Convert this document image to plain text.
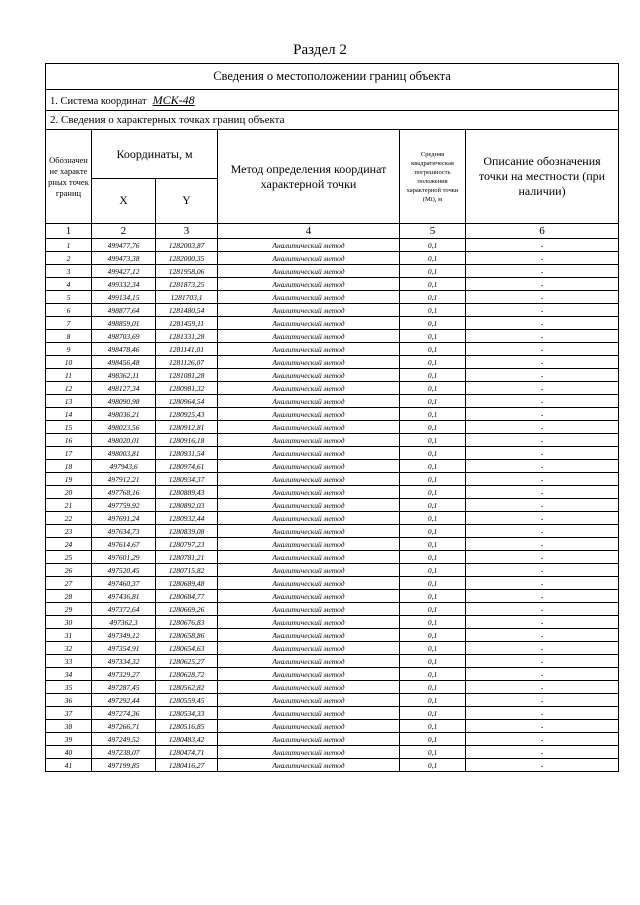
Раздел 2
Сведения о местоположении границ объекта					
1. Система координат МСК-48					
2. Сведения о характерных точках границ объекта					

Обозначение характерных точек границ	Координаты, м		Метод определения координат характерной точки	Средняя квадратическая погрешность положения характерной точки (Mt), м	Описание обозначения точки на местности (при наличии)

	X	Y			
1	2	3	4	5	6
1	499477,76	1282003,87	Аналитический метод	0,1	-
2	499473,38	1282000,35	Аналитический метод	0,1	-
3	499427,12	1281958,06	Аналитический метод	0,1	-
4	499332,34	1281873,25	Аналитический метод	0,1	-
5	499134,15	1281703,1	Аналитический метод	0,1	-
6	498877,64	1281480,54	Аналитический метод	0,1	-
7	498859,01	1281459,11	Аналитический метод	0,1	-
8	498703,69	1281331,28	Аналитический метод	0,1	-
9	498478,46	1281141,01	Аналитический метод	0,1	-
10	498456,48	1281126,07	Аналитический метод	0,1	-
11	498362,11	1281081,28	Аналитический метод	0,1	-
12	498127,34	1280981,32	Аналитический метод	0,1	-
13	498090,98	1280964,54	Аналитический метод	0,1	-
14	498036,21	1280925,43	Аналитический метод	0,1	-
15	498023,56	1280912,81	Аналитический метод	0,1	-
16	498020,01	1280916,18	Аналитический метод	0,1	-
17	498003,81	1280931,54	Аналитический метод	0,1	-
18	497943,6	1280974,61	Аналитический метод	0,1	-
19	497912,21	1280934,37	Аналитический метод	0,1	-
20	497768,16	1280889,43	Аналитический метод	0,1	-
21	497759,92	1280892,03	Аналитический метод	0,1	-
22	497691,24	1280932,44	Аналитический метод	0,1	-
23	497634,73	1280839,08	Аналитический метод	0,1	-
24	497614,67	1280797,23	Аналитический метод	0,1	-
25	497601,29	1280781,21	Аналитический метод	0,1	-
26	497520,45	1280715,82	Аналитический метод	0,1	-
27	497460,37	1280689,48	Аналитический метод	0,1	-
28	497436,81	1280684,77	Аналитический метод	0,1	-
29	497372,64	1280669,26	Аналитический метод	0,1	-
30	497362,3	1280676,83	Аналитический метод	0,1	-
31	497349,12	1280658,86	Аналитический метод	0,1	-
32	497354,91	1280654,63	Аналитический метод	0,1	-
33	497334,32	1280625,27	Аналитический метод	0,1	-
34	497329,27	1280628,72	Аналитический метод	0,1	-
35	497287,45	1280562,82	Аналитический метод	0,1	-
36	497292,44	1280559,45	Аналитический метод	0,1	-
37	497274,36	1280534,33	Аналитический метод	0,1	-
38	497266,71	1280516,85	Аналитический метод	0,1	-
39	497249,52	1280483,42	Аналитический метод	0,1	-
40	497238,07	1280474,71	Аналитический метод	0,1	-
41	497199,85	1280416,27	Аналитический метод	0,1	-
